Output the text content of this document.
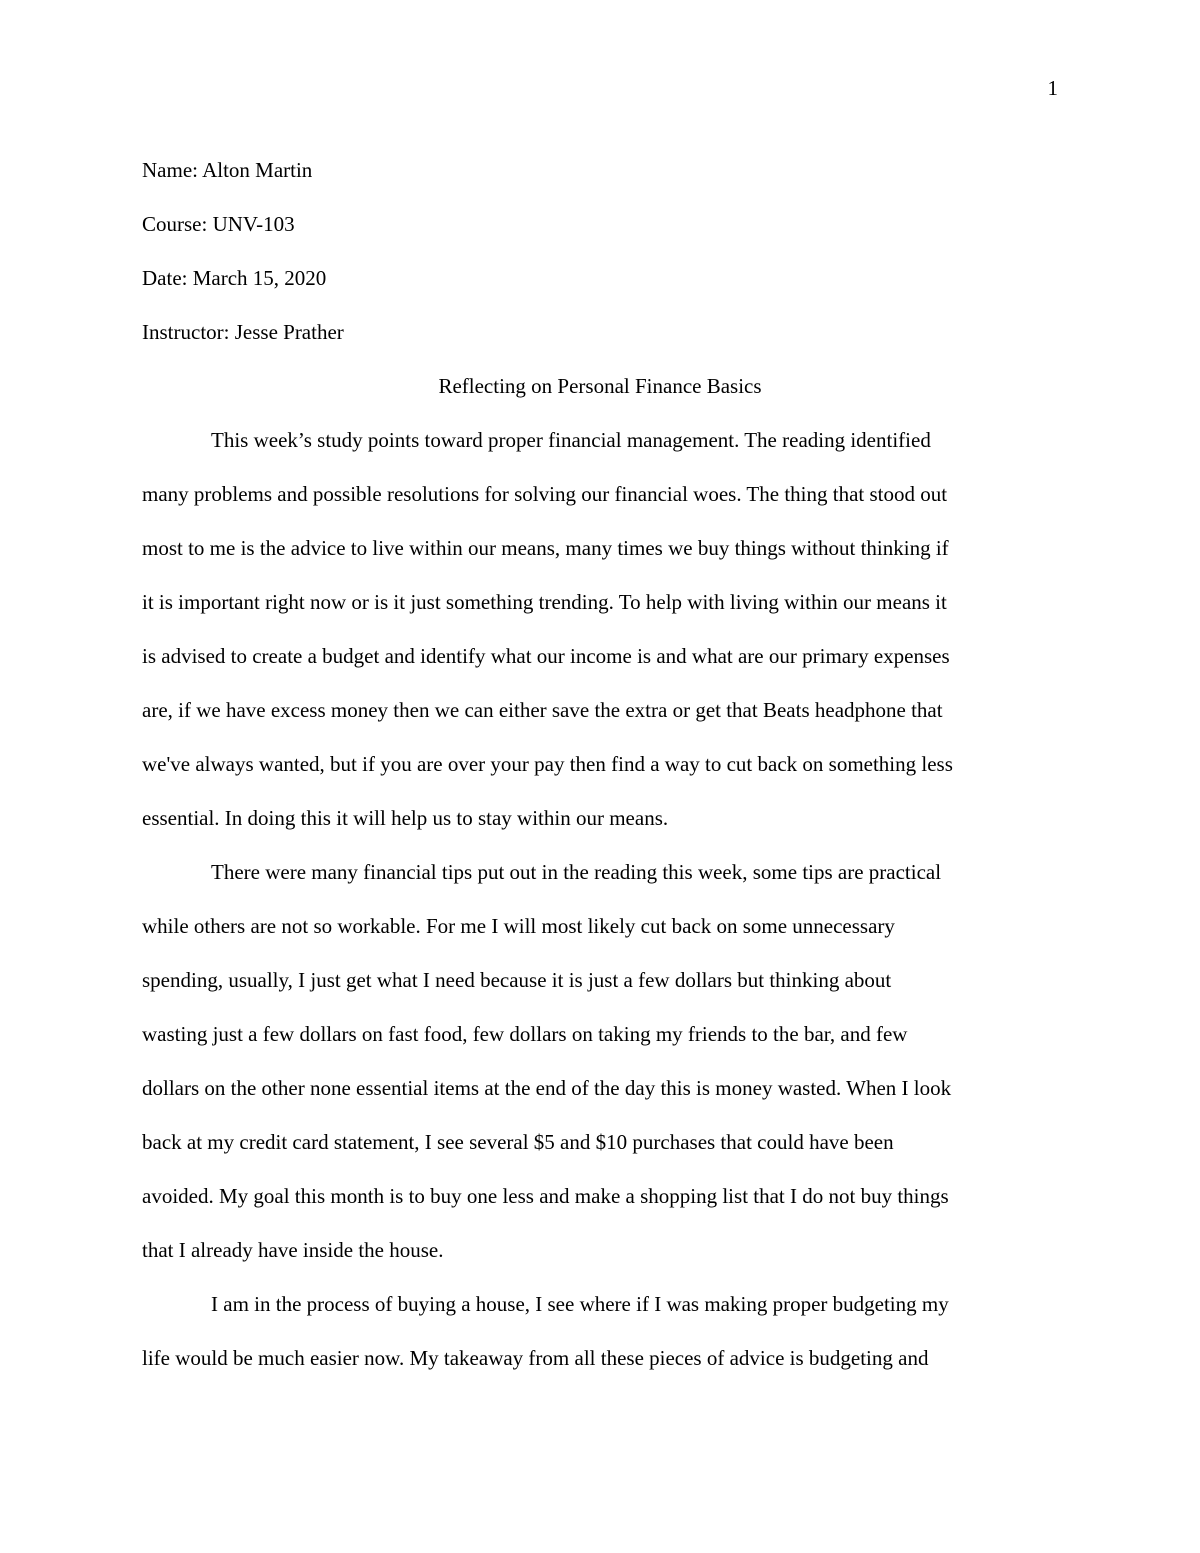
1
Name: Alton Martin
Course: UNV-103
Date: March 15, 2020
Instructor: Jesse Prather
Reflecting on Personal Finance Basics
This week’s study points toward proper financial management. The reading identified
many problems and possible resolutions for solving our financial woes. The thing that stood out
most to me is the advice to live within our means, many times we buy things without thinking if
it is important right now or is it just something trending. To help with living within our means it
is advised to create a budget and identify what our income is and what are our primary expenses
are, if we have excess money then we can either save the extra or get that Beats headphone that
we've always wanted, but if you are over your pay then find a way to cut back on something less
essential. In doing this it will help us to stay within our means.
There were many financial tips put out in the reading this week, some tips are practical
while others are not so workable. For me I will most likely cut back on some unnecessary
spending, usually, I just get what I need because it is just a few dollars but thinking about
wasting just a few dollars on fast food, few dollars on taking my friends to the bar, and few
dollars on the other none essential items at the end of the day this is money wasted. When I look
back at my credit card statement, I see several $5 and $10 purchases that could have been
avoided. My goal this month is to buy one less and make a shopping list that I do not buy things
that I already have inside the house.
I am in the process of buying a house, I see where if I was making proper budgeting my
life would be much easier now. My takeaway from all these pieces of advice is budgeting and
